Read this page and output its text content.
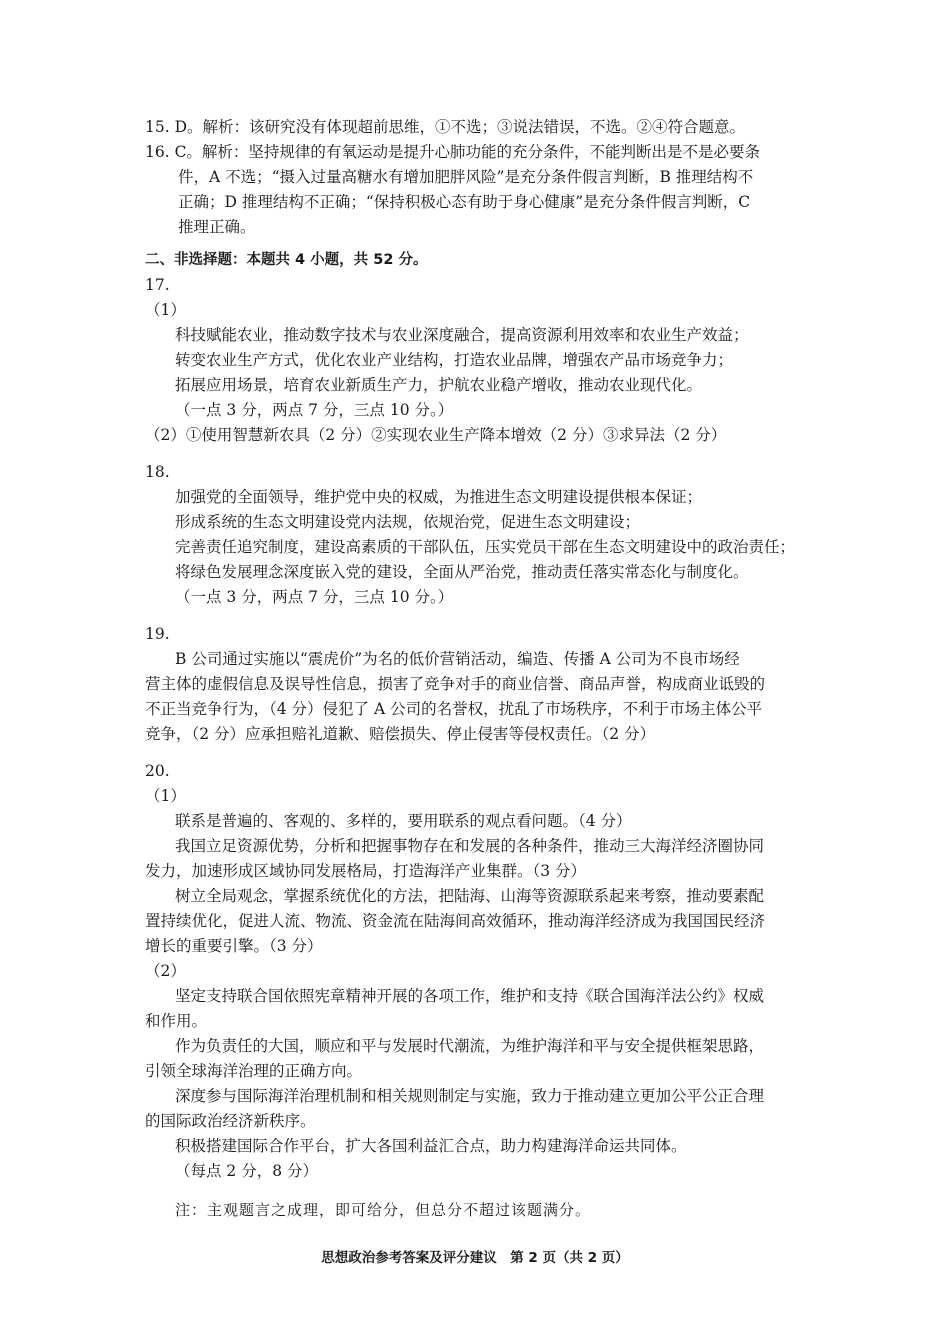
15. D。解析：该研究没有体现超前思维，①不选；③说法错误，不选。②④符合题意。
16. C。解析：坚持规律的有氧运动是提升心肺功能的充分条件，不能判断出是不是必要条
件，A 不选；“摄入过量高糖水有增加肥胖风险”是充分条件假言判断，B 推理结构不
正确；D 推理结构不正确；“保持积极心态有助于身心健康”是充分条件假言判断，C
推理正确。
二、非选择题：本题共 4 小题，共 52 分。
17.
（1）
科技赋能农业，推动数字技术与农业深度融合，提高资源利用效率和农业生产效益；
转变农业生产方式，优化农业产业结构，打造农业品牌，增强农产品市场竞争力；
拓展应用场景，培育农业新质生产力，护航农业稳产增收，推动农业现代化。
（一点 3 分，两点 7 分，三点 10 分。）
（2）①使用智慧新农具（2 分）②实现农业生产降本增效（2 分）③求异法（2 分）
18.
加强党的全面领导，维护党中央的权威，为推进生态文明建设提供根本保证；
形成系统的生态文明建设党内法规，依规治党，促进生态文明建设；
完善责任追究制度，建设高素质的干部队伍，压实党员干部在生态文明建设中的政治责任；
将绿色发展理念深度嵌入党的建设，全面从严治党，推动责任落实常态化与制度化。
（一点 3 分，两点 7 分，三点 10 分。）
19.
B 公司通过实施以“震虎价”为名的低价营销活动，编造、传播 A 公司为不良市场经
营主体的虚假信息及误导性信息，损害了竞争对手的商业信誉、商品声誉，构成商业诋毁的
不正当竞争行为，（4 分）侵犯了 A 公司的名誉权，扰乱了市场秩序，不利于市场主体公平
竞争，（2 分）应承担赔礼道歉、赔偿损失、停止侵害等侵权责任。（2 分）
20.
（1）
联系是普遍的、客观的、多样的，要用联系的观点看问题。（4 分）
我国立足资源优势，分析和把握事物存在和发展的各种条件，推动三大海洋经济圈协同
发力，加速形成区域协同发展格局，打造海洋产业集群。（3 分）
树立全局观念，掌握系统优化的方法，把陆海、山海等资源联系起来考察，推动要素配
置持续优化，促进人流、物流、资金流在陆海间高效循环，推动海洋经济成为我国国民经济
增长的重要引擎。（3 分）
（2）
坚定支持联合国依照宪章精神开展的各项工作，维护和支持《联合国海洋法公约》权威
和作用。
作为负责任的大国，顺应和平与发展时代潮流，为维护海洋和平与安全提供框架思路，
引领全球海洋治理的正确方向。
深度参与国际海洋治理机制和相关规则制定与实施，致力于推动建立更加公平公正合理
的国际政治经济新秩序。
积极搭建国际合作平台，扩大各国利益汇合点，助力构建海洋命运共同体。
（每点 2 分，8 分）
注：主观题言之成理，即可给分，但总分不超过该题满分。
思想政治参考答案及评分建议　第 2 页（共 2 页）
